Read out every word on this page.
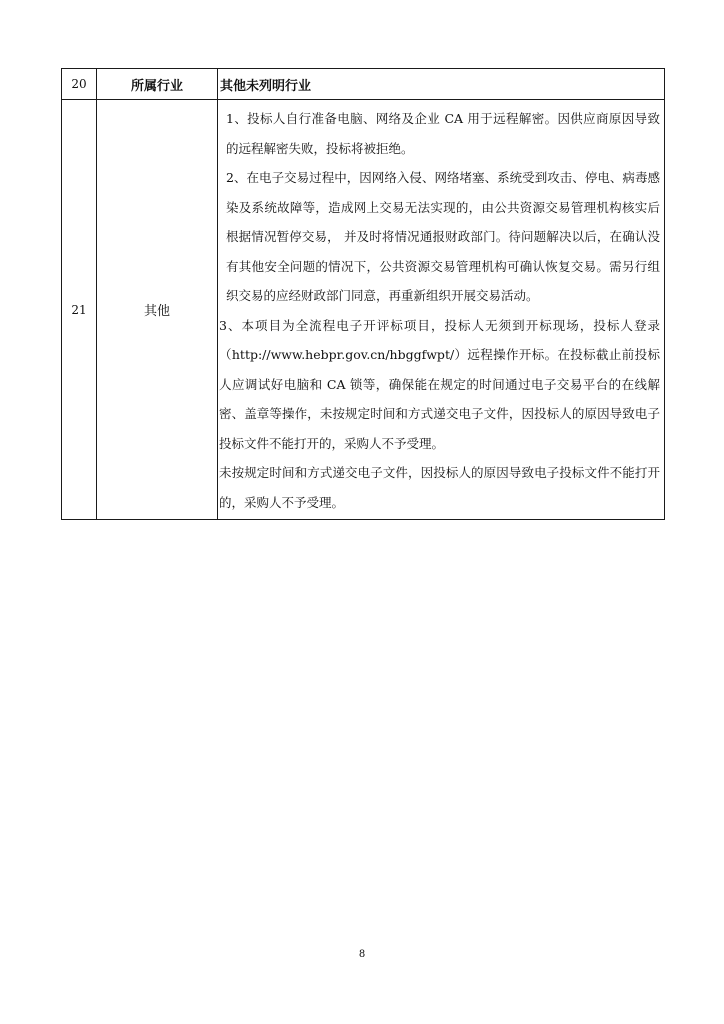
20	所属行业	其他未列明行业
21	其他	1、投标人自行准备电脑、网络及企业 CA 用于远程解密。因供应商原因导致的远程解密失败，投标将被拒绝。
2、在电子交易过程中，因网络入侵、网络堵塞、系统受到攻击、停电、病毒感染及系统故障等，造成网上交易无法实现的，由公共资源交易管理机构核实后根据情况暂停交易， 并及时将情况通报财政部门。待问题解决以后，在确认没有其他安全问题的情况下，公共资源交易管理机构可确认恢复交易。需另行组织交易的应经财政部门同意，再重新组织开展交易活动。
3、本项目为全流程电子开评标项目，投标人无须到开标现场，投标人登录（http://www.hebpr.gov.cn/hbggfwpt/）远程操作开标。在投标截止前投标人应调试好电脑和 CA 锁等，确保能在规定的时间通过电子交易平台的在线解密、盖章等操作，未按规定时间和方式递交电子文件，因投标人的原因导致电子投标文件不能打开的，采购人不予受理。
未按规定时间和方式递交电子文件，因投标人的原因导致电子投标文件不能打开的，采购人不予受理。
8
